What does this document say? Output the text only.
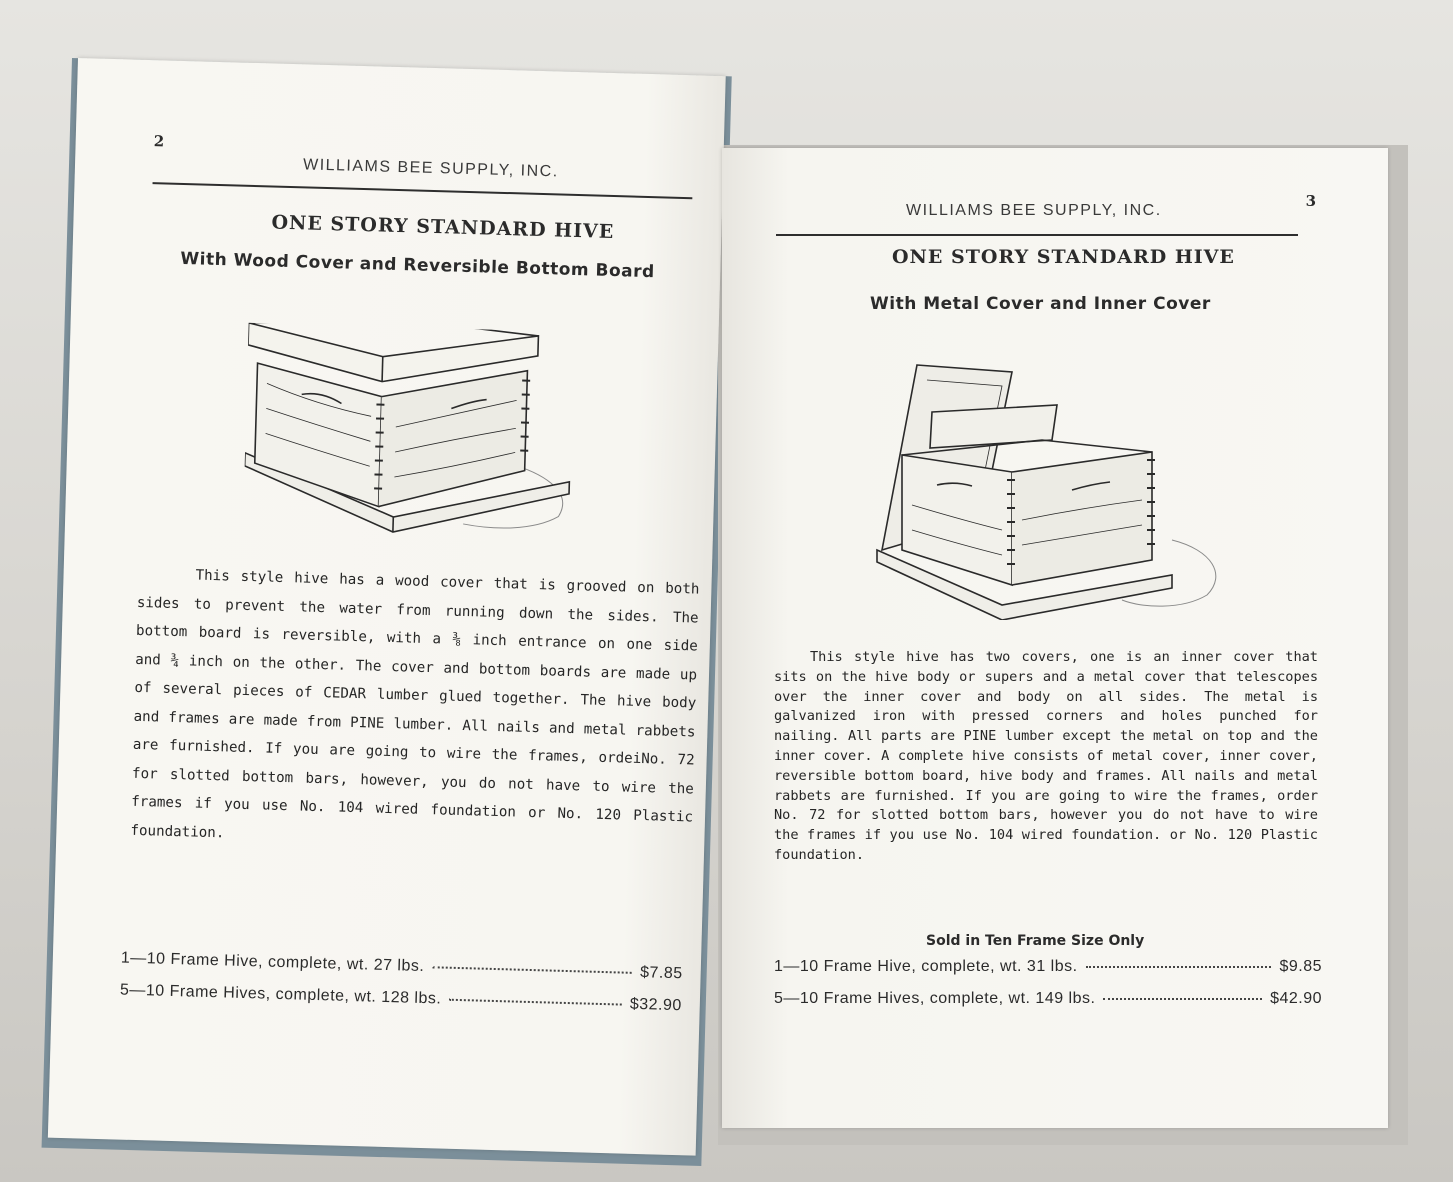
2
WILLIAMS BEE SUPPLY, INC.
ONE STORY STANDARD HIVE
With Wood Cover and Reversible Bottom Board
This style hive has a wood cover that is grooved on both sides to prevent the water from running down the sides. The bottom board is reversible, with a ⅜ inch entrance on one side and ¾ inch on the other. The cover and bottom boards are made up of several pieces of CEDAR lumber glued together. The hive body and frames are made from PINE lumber. All nails and metal rabbets are furnished. If you are going to wire the frames, ordeiNo. 72 for slotted bottom bars, however, you do not have to wire the frames if you use No. 104 wired foundation or No. 120 Plastic foundation.
1—10 Frame Hive, complete, wt. 27 lbs.	$7.85
5—10 Frame Hives, complete, wt. 128 lbs.	$32.90
3
WILLIAMS BEE SUPPLY, INC.
ONE STORY STANDARD HIVE
With Metal Cover and Inner Cover
This style hive has two covers, one is an inner cover that sits on the hive body or supers and a metal cover that telescopes over the inner cover and body on all sides. The metal is galvanized iron with pressed corners and holes punched for nailing. All parts are PINE lumber except the metal on top and the inner cover. A complete hive consists of metal cover, inner cover, reversible bottom board, hive body and frames. All nails and metal rabbets are furnished. If you are going to wire the frames, order No. 72 for slotted bottom bars, however you do not have to wire the frames if you use No. 104 wired foundation. or No. 120 Plastic foundation.
Sold in Ten Frame Size Only
1—10 Frame Hive, complete, wt. 31 lbs.	$9.85
5—10 Frame Hives, complete, wt. 149 lbs.	$42.90
